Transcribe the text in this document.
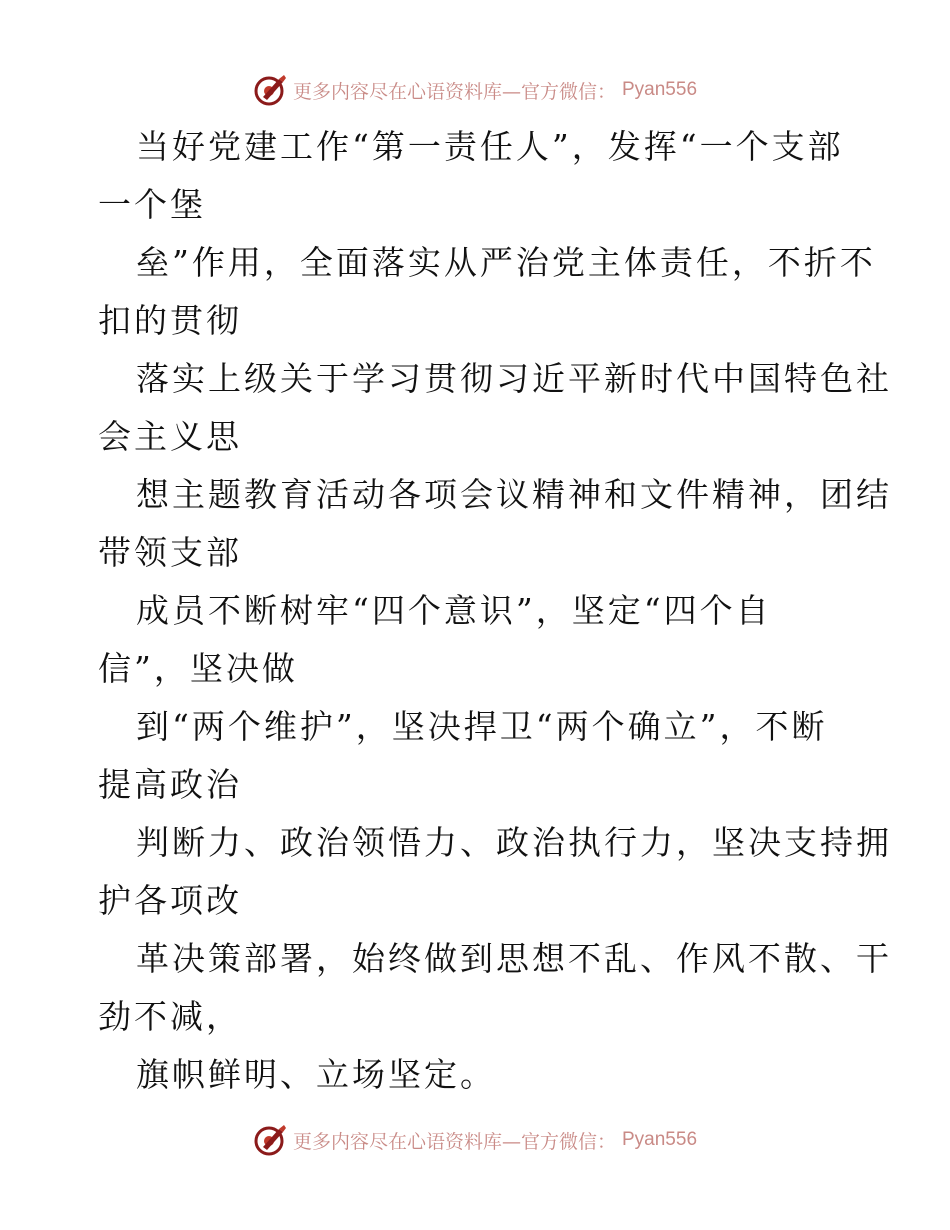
更多内容尽在心语资料库—官方微信： Pyan556
当好党建工作“第一责任人”，发挥“一个支部
一个堡
垒”作用，全面落实从严治党主体责任，不折不
扣的贯彻
落实上级关于学习贯彻习近平新时代中国特色社
会主义思
想主题教育活动各项会议精神和文件精神，团结
带领支部
成员不断树牢“四个意识”，坚定“四个自
信”，坚决做
到“两个维护”，坚决捍卫“两个确立”，不断
提高政治
判断力、政治领悟力、政治执行力，坚决支持拥
护各项改
革决策部署，始终做到思想不乱、作风不散、干
劲不减，
旗帜鲜明、立场坚定。
更多内容尽在心语资料库—官方微信： Pyan556
